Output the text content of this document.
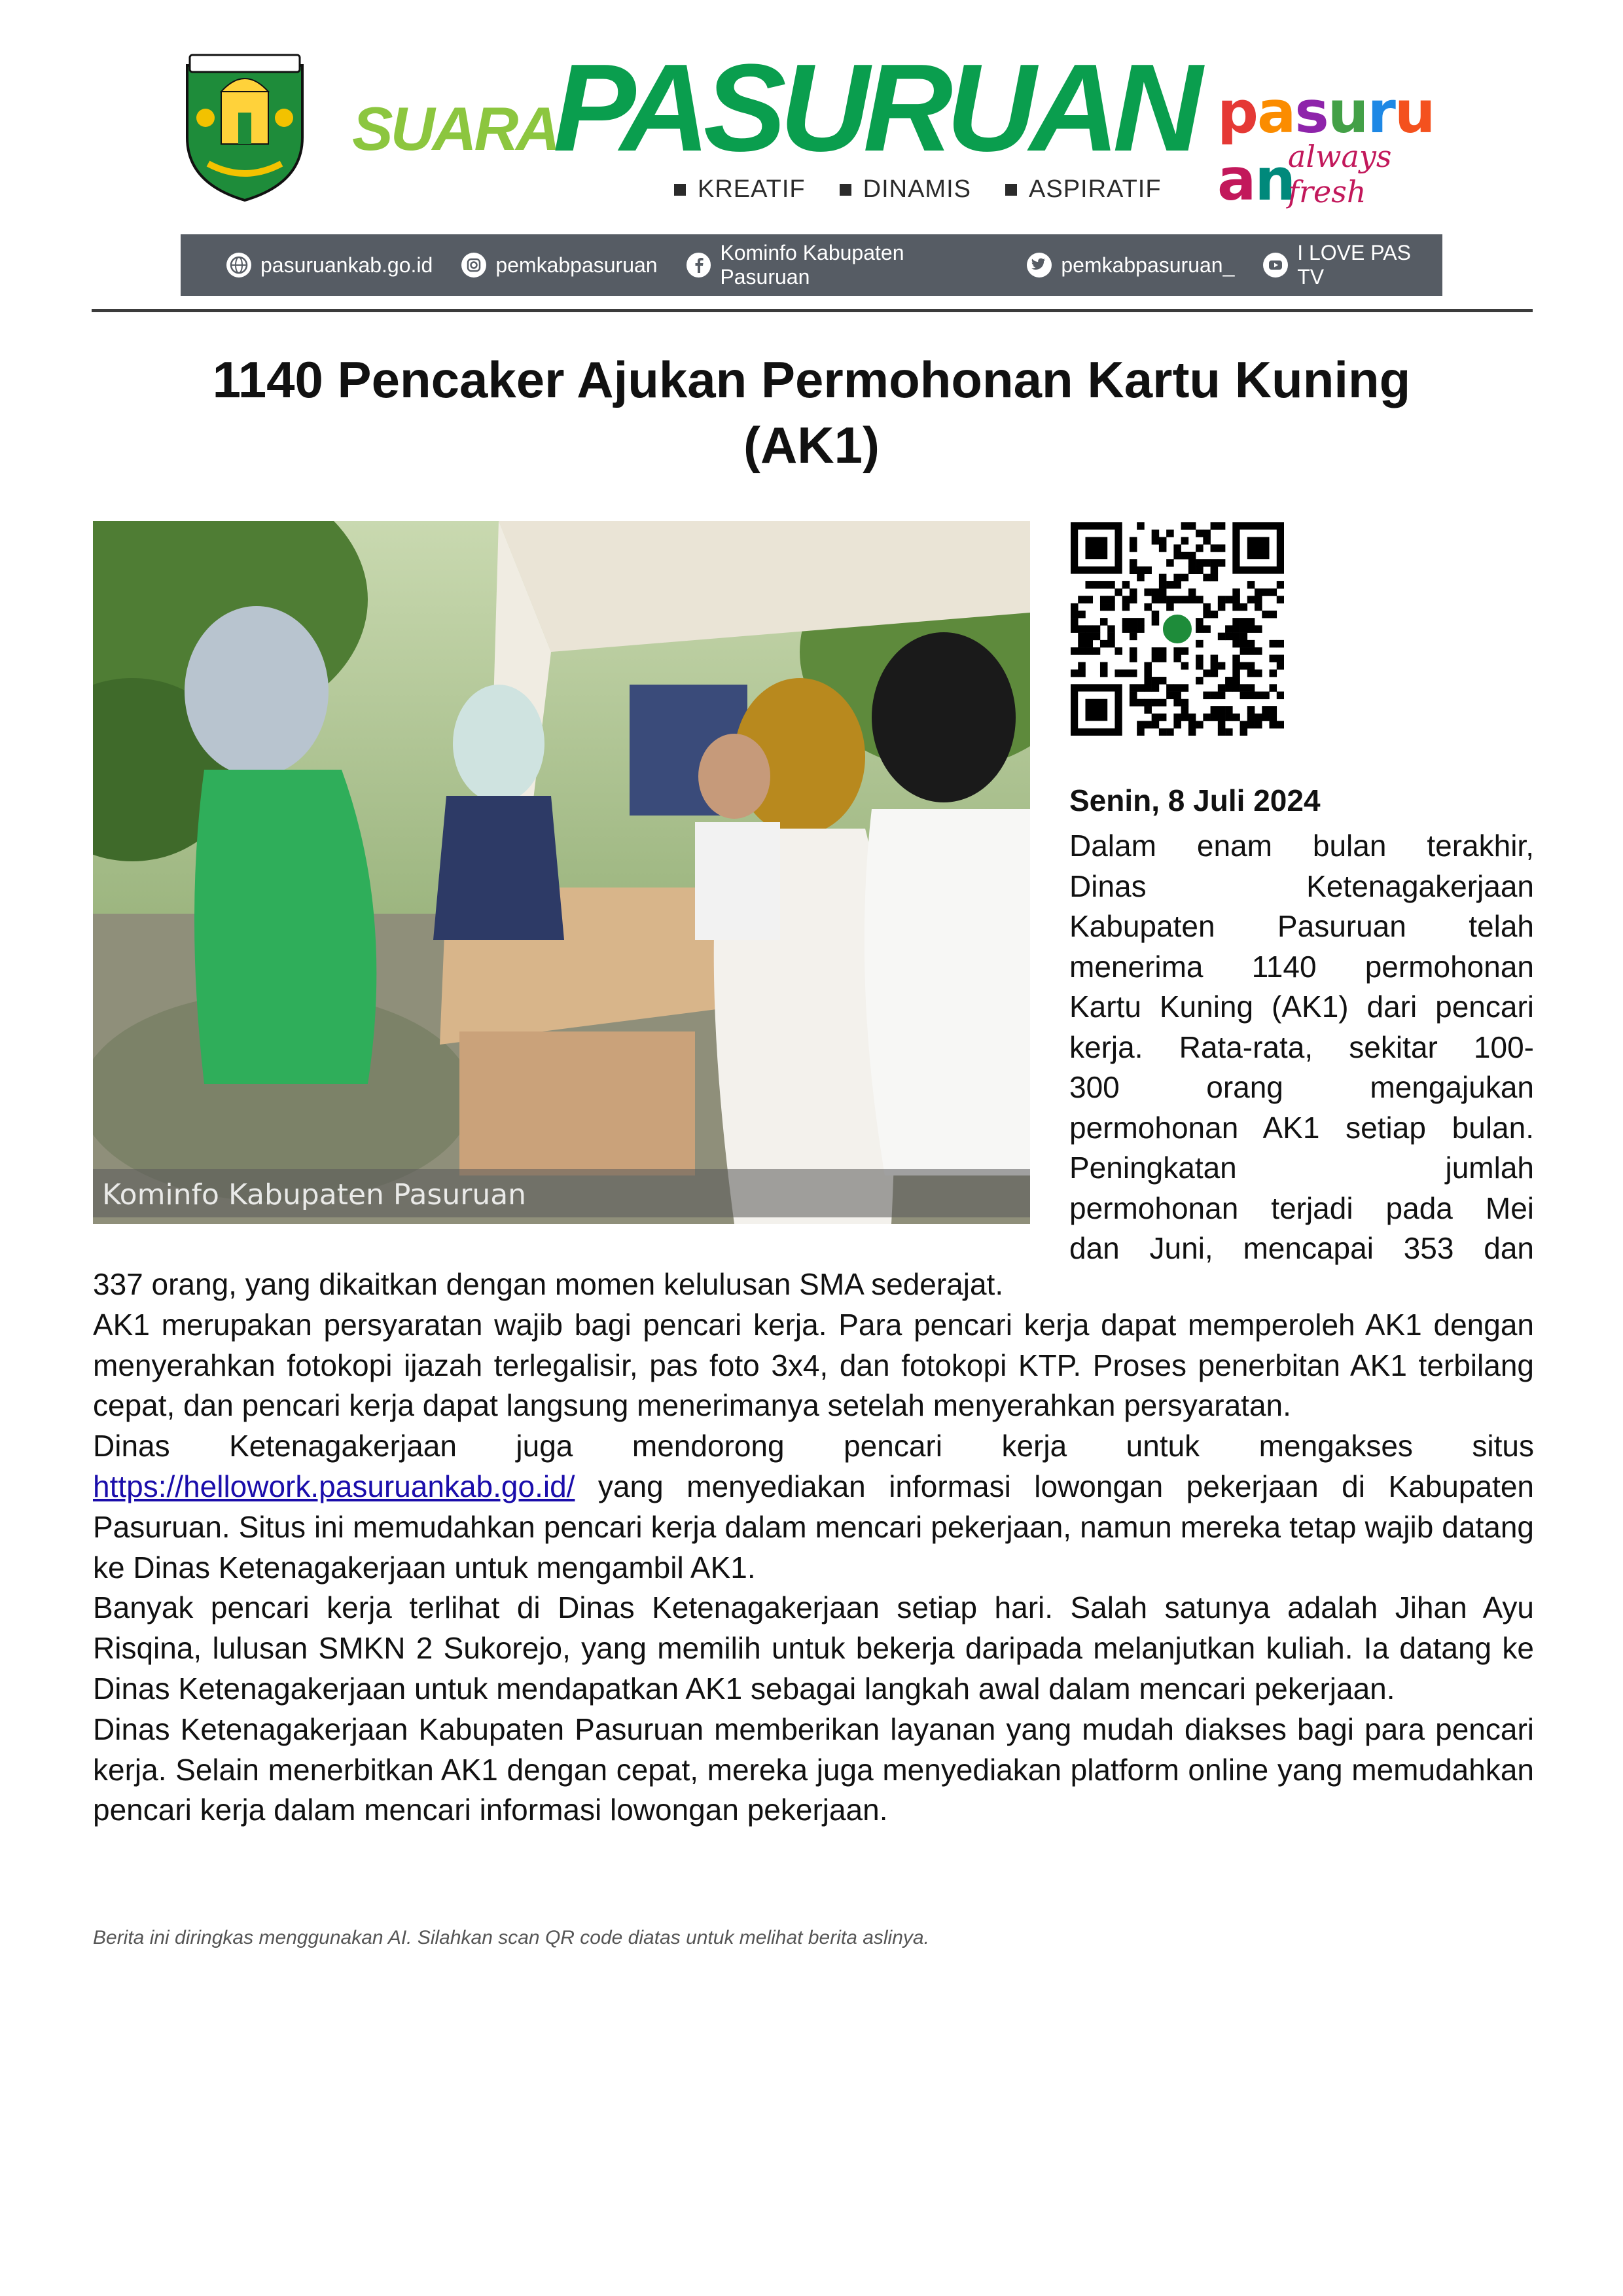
SUARA
PASURUAN
KREATIF DINAMIS ASPIRATIF
pasuruan
always fresh
pasuruankab.go.id	pemkabpasuruan
Kominfo Kabupaten Pasuruan
pemkabpasuruan_
I LOVE PAS TV
1140 Pencaker Ajukan Permohonan Kartu Kuning
(AK1)
Kominfo Kabupaten Pasuruan
Senin, 8 Juli 2024
Dalam enam bulan terakhir,
Dinas Ketenagakerjaan
Kabupaten Pasuruan telah
menerima 1140 permohonan
Kartu Kuning (AK1) dari pencari
kerja. Rata-rata, sekitar 100-
300 orang mengajukan
permohonan AK1 setiap bulan.
Peningkatan jumlah
permohonan terjadi pada Mei
dan Juni, mencapai 353 dan

337 orang, yang dikaitkan dengan momen kelulusan SMA sederajat.

AK1 merupakan persyaratan wajib bagi pencari kerja. Para pencari kerja dapat memperoleh AK1 dengan menyerahkan fotokopi ijazah terlegalisir, pas foto 3x4, dan fotokopi KTP. Proses penerbitan AK1 terbilang cepat, dan pencari kerja dapat langsung menerimanya setelah menyerahkan persyaratan.

Dinas Ketenagakerjaan juga mendorong pencari kerja untuk mengakses situs https://hellowork.pasuruankab.go.id/ yang menyediakan informasi lowongan pekerjaan di Kabupaten Pasuruan. Situs ini memudahkan pencari kerja dalam mencari pekerjaan, namun mereka tetap wajib datang ke Dinas Ketenagakerjaan untuk mengambil AK1.

Banyak pencari kerja terlihat di Dinas Ketenagakerjaan setiap hari. Salah satunya adalah Jihan Ayu Risqina, lulusan SMKN 2 Sukorejo, yang memilih untuk bekerja daripada melanjutkan kuliah. Ia datang ke Dinas Ketenagakerjaan untuk mendapatkan AK1 sebagai langkah awal dalam mencari pekerjaan.

Dinas Ketenagakerjaan Kabupaten Pasuruan memberikan layanan yang mudah diakses bagi para pencari kerja. Selain menerbitkan AK1 dengan cepat, mereka juga menyediakan platform online yang memudahkan pencari kerja dalam mencari informasi lowongan pekerjaan.

Berita ini diringkas menggunakan AI. Silahkan scan QR code diatas untuk melihat berita aslinya.
